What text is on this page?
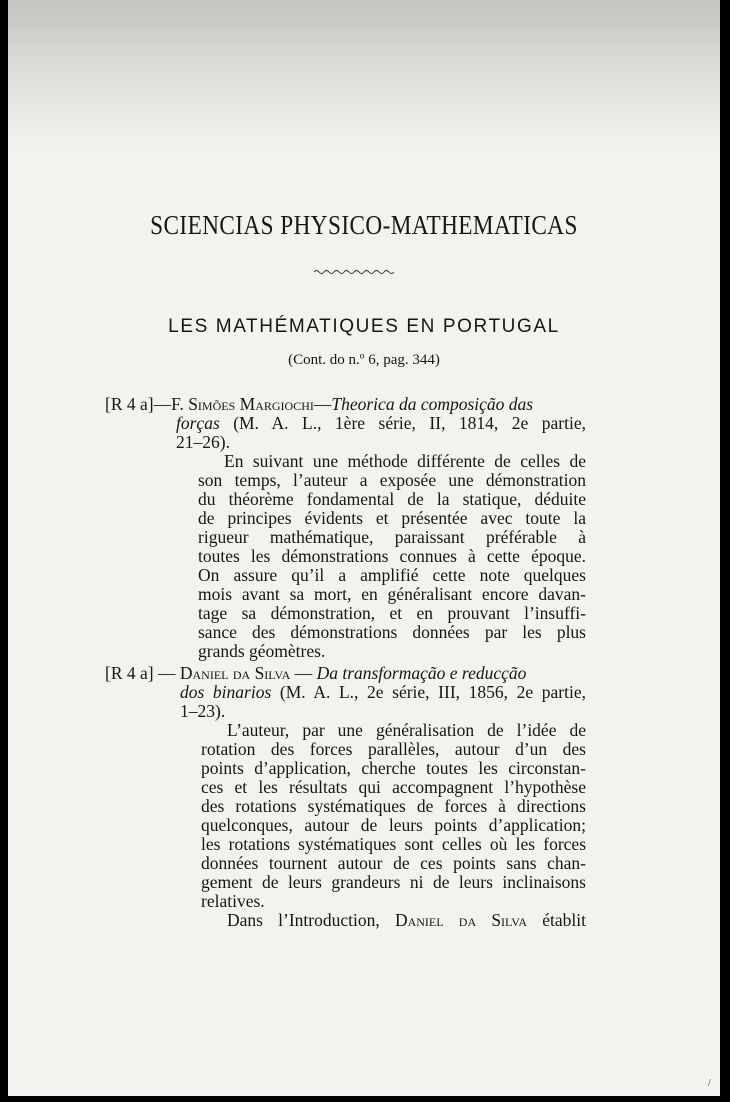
SCIENCIAS PHYSICO-MATHEMATICAS
LES MATHÉMATIQUES EN PORTUGAL
(Cont. do n.º 6, pag. 344)
[R 4 a]—F. Simões Margiochi—Theorica da composição das
forças (M. A. L., 1ère série, II, 1814, 2e partie,
21–26).
En suivant une méthode différente de celles de
son temps, l’auteur a exposée une démonstration
du théorème fondamental de la statique, déduite
de principes évidents et présentée avec toute la
rigueur mathématique, paraissant préférable à
toutes les démonstrations connues à cette époque.
On assure qu’il a amplifié cette note quelques
mois avant sa mort, en généralisant encore davan-
tage sa démonstration, et en prouvant l’insuffi-
sance des démonstrations données par les plus
grands géomètres.
[R 4 a] — Daniel da Silva — Da transformação e reducção
dos binarios (M. A. L., 2e série, III, 1856, 2e partie,
1–23).
L’auteur, par une généralisation de l’idée de
rotation des forces parallèles, autour d’un des
points d’application, cherche toutes les circonstan-
ces et les résultats qui accompagnent l’hypothèse
des rotations systématiques de forces à directions
quelconques, autour de leurs points d’application;
les rotations systématiques sont celles où les forces
données tournent autour de ces points sans chan-
gement de leurs grandeurs ni de leurs inclinaisons
relatives.
Dans l’Introduction, Daniel da Silva établit
/
